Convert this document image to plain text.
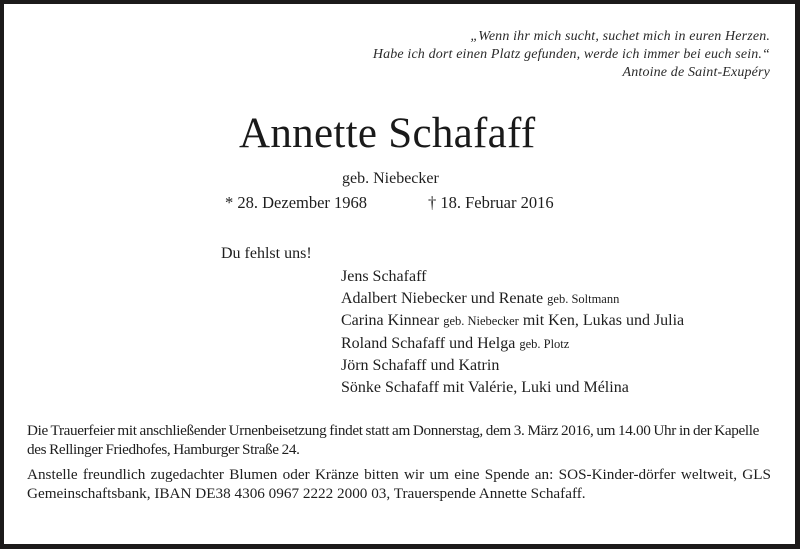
„Wenn ihr mich sucht, suchet mich in euren Herzen.
Habe ich dort einen Platz gefunden, werde ich immer bei euch sein.“
Antoine de Saint-Exupéry
Annette Schafaff
geb. Niebecker
* 28. Dezember 1968	† 18. Februar 2016
Du fehlst uns!
Jens Schafaff
Adalbert Niebecker und Renate geb. Soltmann
Carina Kinnear geb. Niebecker mit Ken, Lukas und Julia
Roland Schafaff und Helga geb. Plotz
Jörn Schafaff und Katrin
Sönke Schafaff mit Valérie, Luki und Mélina
Die Trauerfeier mit anschließender Urnenbeisetzung findet statt am Donnerstag, dem 3. März 2016, um 14.00 Uhr in der Kapelle des Rellinger Friedhofes, Hamburger Straße 24.
Anstelle freundlich zugedachter Blumen oder Kränze bitten wir um eine Spende an: SOS-Kinder-dörfer weltweit, GLS Gemeinschaftsbank, IBAN DE38 4306 0967 2222 2000 03, Trauerspende Annette Schafaff.
